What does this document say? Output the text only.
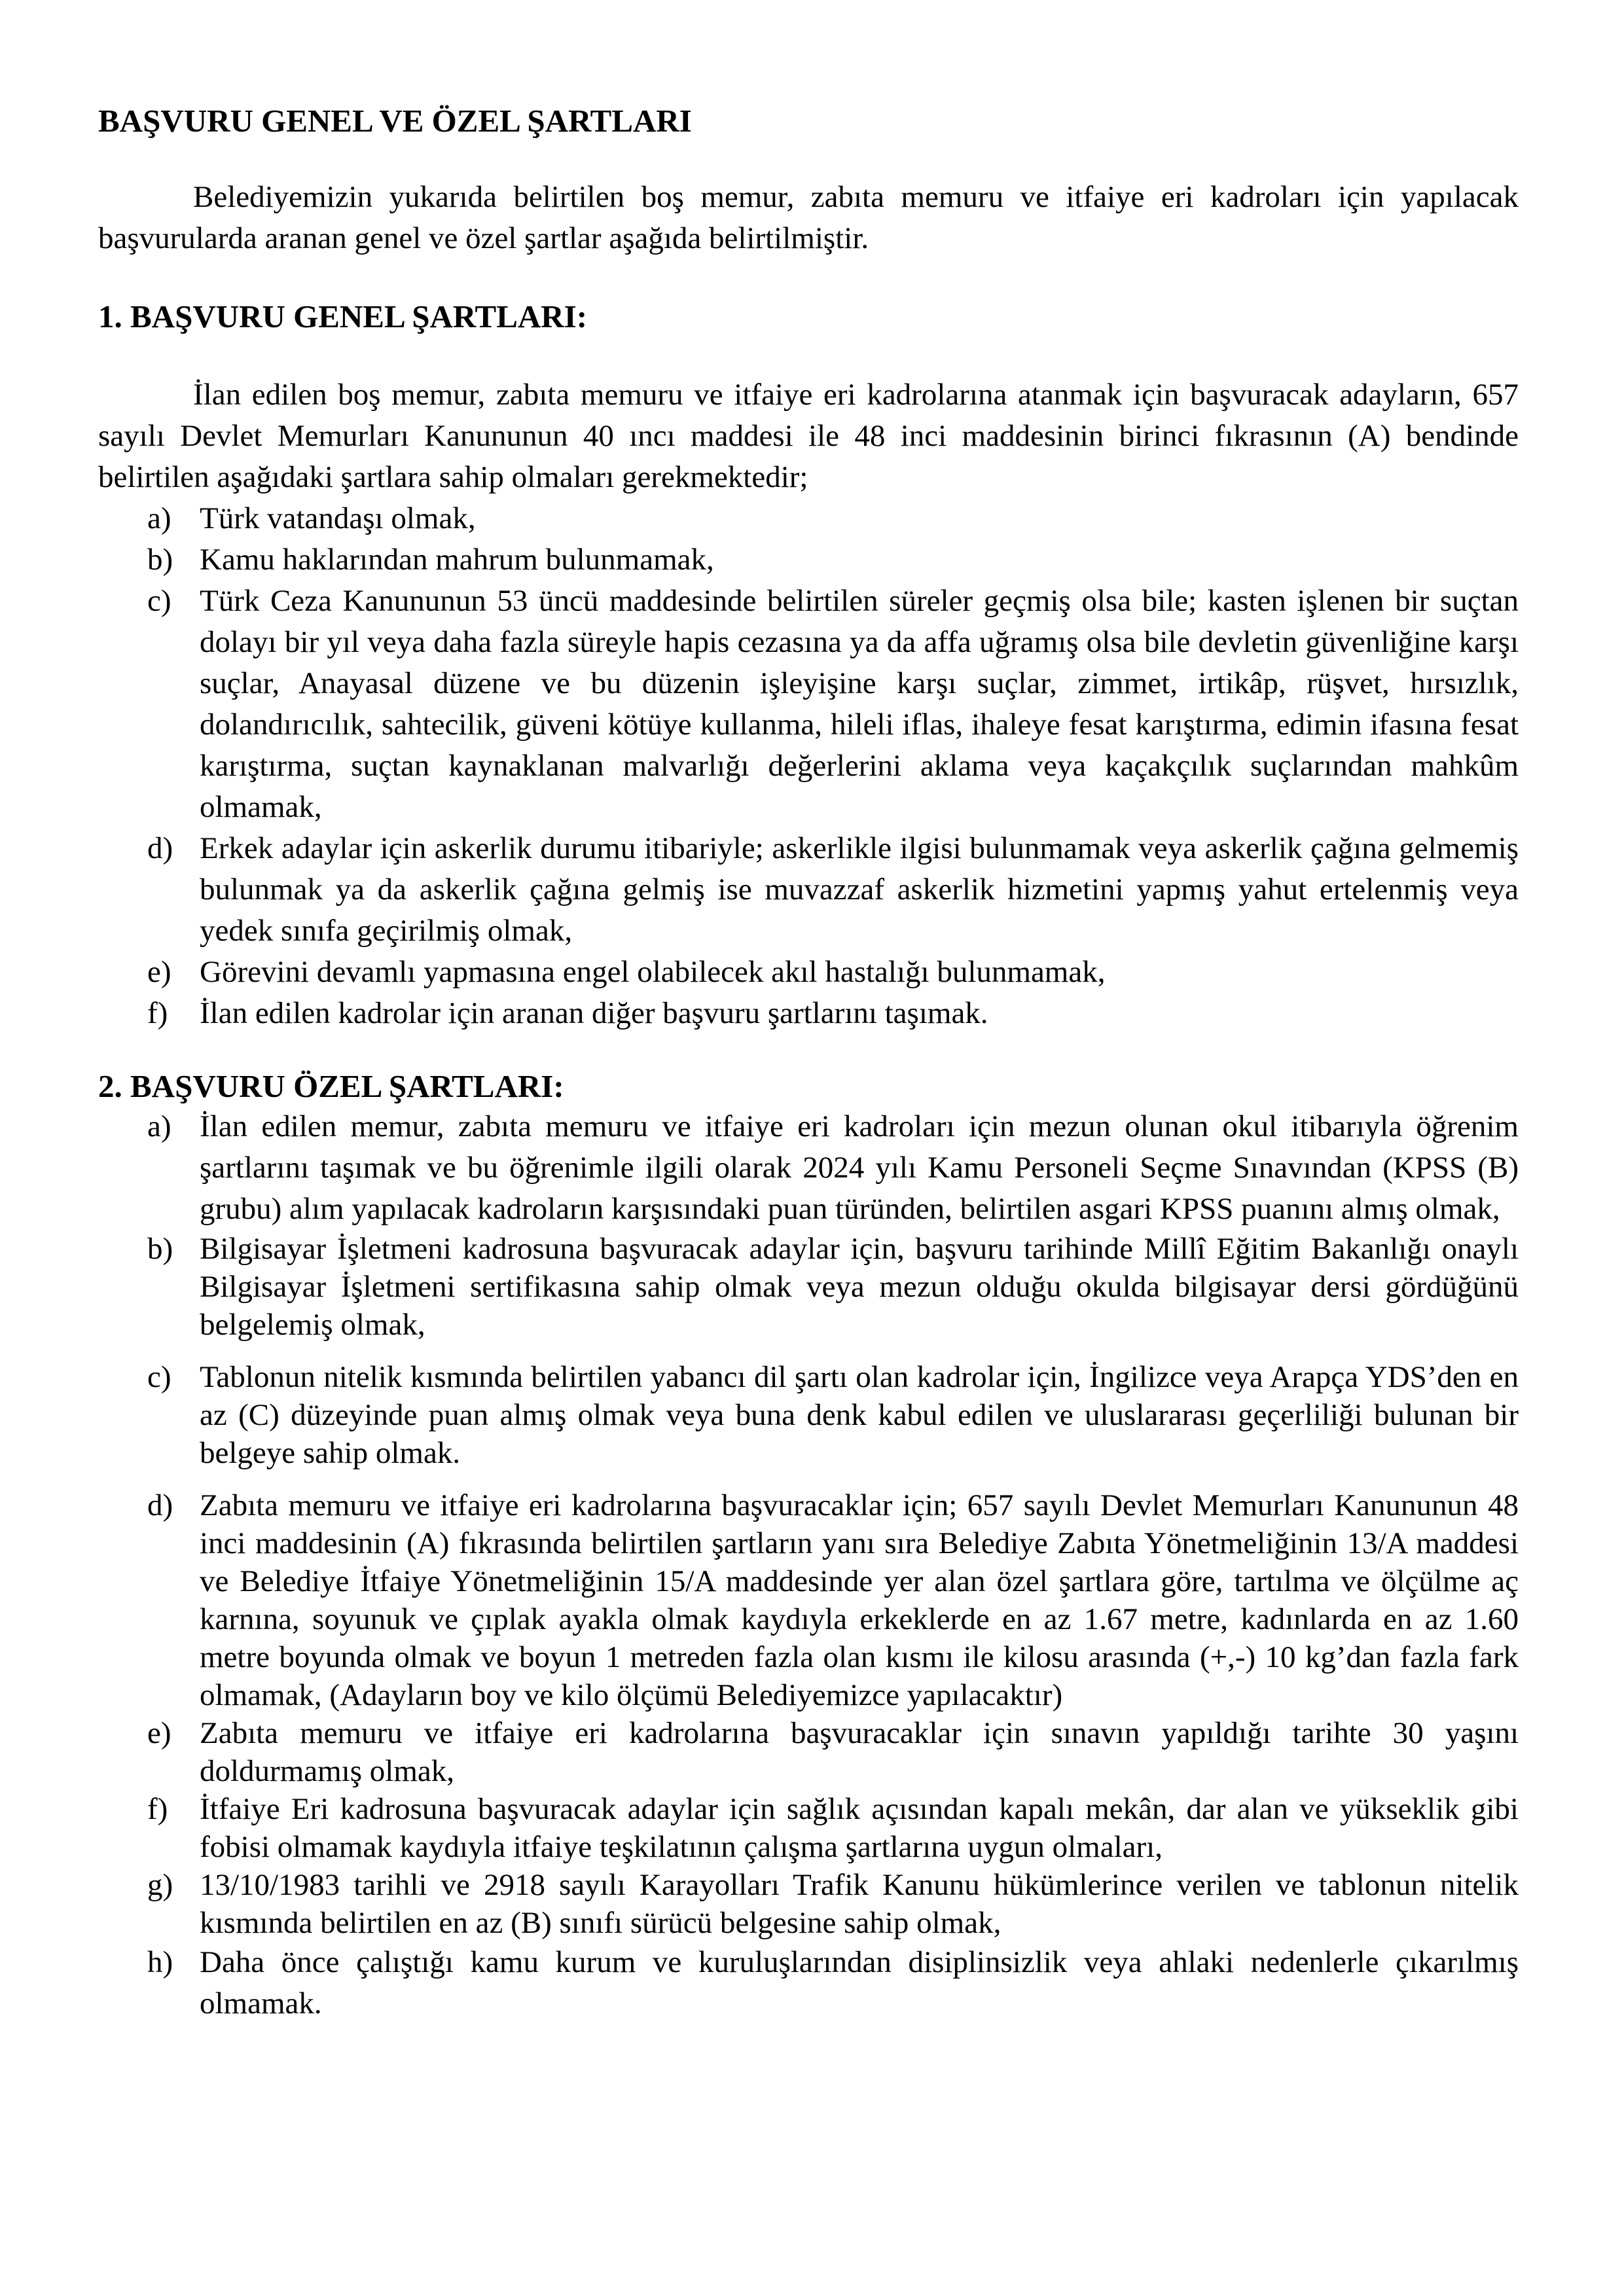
BAŞVURU GENEL VE ÖZEL ŞARTLARI

Belediyemizin yukarıda belirtilen boş memur, zabıta memuru ve itfaiye eri kadroları için yapılacak başvurularda aranan genel ve özel şartlar aşağıda belirtilmiştir.

1. BAŞVURU GENEL ŞARTLARI:

İlan edilen boş memur, zabıta memuru ve itfaiye eri kadrolarına atanmak için başvuracak adayların, 657 sayılı Devlet Memurları Kanununun 40 ıncı maddesi ile 48 inci maddesinin birinci fıkrasının (A) bendinde belirtilen aşağıdaki şartlara sahip olmaları gerekmektedir;

a) Türk vatandaşı olmak,
b) Kamu haklarından mahrum bulunmamak,
c) Türk Ceza Kanununun 53 üncü maddesinde belirtilen süreler geçmiş olsa bile; kasten işlenen bir suçtan dolayı bir yıl veya daha fazla süreyle hapis cezasına ya da affa uğramış olsa bile devletin güvenliğine karşı suçlar, Anayasal düzene ve bu düzenin işleyişine karşı suçlar, zimmet, irtikâp, rüşvet, hırsızlık, dolandırıcılık, sahtecilik, güveni kötüye kullanma, hileli iflas, ihaleye fesat karıştırma, edimin ifasına fesat karıştırma, suçtan kaynaklanan malvarlığı değerlerini aklama veya kaçakçılık suçlarından mahkûm olmamak,
d) Erkek adaylar için askerlik durumu itibariyle; askerlikle ilgisi bulunmamak veya askerlik çağına gelmemiş bulunmak ya da askerlik çağına gelmiş ise muvazzaf askerlik hizmetini yapmış yahut ertelenmiş veya yedek sınıfa geçirilmiş olmak,
e) Görevini devamlı yapmasına engel olabilecek akıl hastalığı bulunmamak,
f) İlan edilen kadrolar için aranan diğer başvuru şartlarını taşımak.
2. BAŞVURU ÖZEL ŞARTLARI:
a) İlan edilen memur, zabıta memuru ve itfaiye eri kadroları için mezun olunan okul itibarıyla öğrenim şartlarını taşımak ve bu öğrenimle ilgili olarak 2024 yılı Kamu Personeli Seçme Sınavından (KPSS (B) grubu) alım yapılacak kadroların karşısındaki puan türünden, belirtilen asgari KPSS puanını almış olmak,
b) Bilgisayar İşletmeni kadrosuna başvuracak adaylar için, başvuru tarihinde Millî Eğitim Bakanlığı onaylı Bilgisayar İşletmeni sertifikasına sahip olmak veya mezun olduğu okulda bilgisayar dersi gördüğünü belgelemiş olmak,
c) Tablonun nitelik kısmında belirtilen yabancı dil şartı olan kadrolar için, İngilizce veya Arapça YDS’den en az (C) düzeyinde puan almış olmak veya buna denk kabul edilen ve uluslararası geçerliliği bulunan bir belgeye sahip olmak.
d) Zabıta memuru ve itfaiye eri kadrolarına başvuracaklar için; 657 sayılı Devlet Memurları Kanununun 48 inci maddesinin (A) fıkrasında belirtilen şartların yanı sıra Belediye Zabıta Yönetmeliğinin 13/A maddesi ve Belediye İtfaiye Yönetmeliğinin 15/A maddesinde yer alan özel şartlara göre, tartılma ve ölçülme aç karnına, soyunuk ve çıplak ayakla olmak kaydıyla erkeklerde en az 1.67 metre, kadınlarda en az 1.60 metre boyunda olmak ve boyun 1 metreden fazla olan kısmı ile kilosu arasında (+,-) 10 kg’dan fazla fark olmamak, (Adayların boy ve kilo ölçümü Belediyemizce yapılacaktır)
e) Zabıta memuru ve itfaiye eri kadrolarına başvuracaklar için sınavın yapıldığı tarihte 30 yaşını doldurmamış olmak,
f) İtfaiye Eri kadrosuna başvuracak adaylar için sağlık açısından kapalı mekân, dar alan ve yükseklik gibi fobisi olmamak kaydıyla itfaiye teşkilatının çalışma şartlarına uygun olmaları,
g) 13/10/1983 tarihli ve 2918 sayılı Karayolları Trafik Kanunu hükümlerince verilen ve tablonun nitelik kısmında belirtilen en az (B) sınıfı sürücü belgesine sahip olmak,
h) Daha önce çalıştığı kamu kurum ve kuruluşlarından disiplinsizlik veya ahlaki nedenlerle çıkarılmış olmamak.
